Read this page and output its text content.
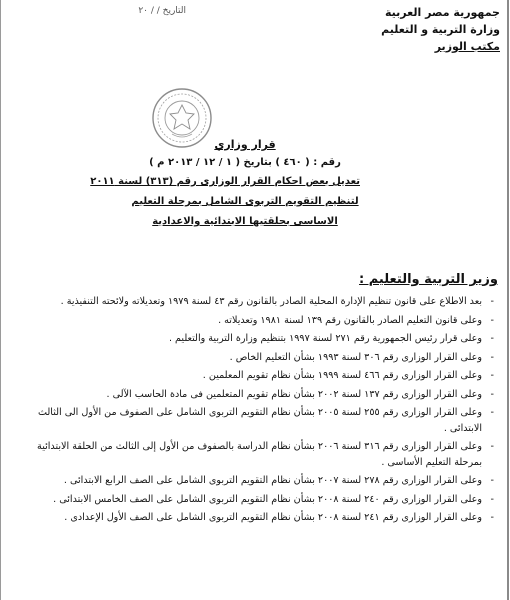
التاريخ / / ٢٠	جمهورية مصر العربية
وزارة التربية و التعليم
مكتب الوزير
قرار وزاري
رقم : ( ٤٦٠ ) بتاريخ ( ١ / ١٢ / ٢٠١٣ م )
تعديل بعض احكام القرار الوزارى رقم (٣١٣) لسنة ٢٠١١
لتنظيم التقويم التربوى الشامل بمرحلة التعليم
الاساسى بحلقتيها الابتدائية والاعدادية
وزير التربية والتعليم :
- بعد الاطلاع على قانون تنظيم الإدارة المحلية الصادر بالقانون رقم ٤٣ لسنة ١٩٧٩ وتعديلاته ولائحته التنفيذية .
- وعلى قانون التعليم الصادر بالقانون رقم ١٣٩ لسنة ١٩٨١ وتعديلاته .
- وعلى قرار رئيس الجمهورية رقم ٢٧١ لسنة ١٩٩٧ بتنظيم وزارة التربية والتعليم .
- وعلى القرار الوزارى رقم ٣٠٦ لسنة ١٩٩٣ بشأن التعليم الخاص .
- وعلى القرار الوزارى رقم ٤٦٦ لسنة ١٩٩٩ بشأن نظام تقويم المعلمين .
- وعلى القرار الوزارى رقم ١٣٧ لسنة ٢٠٠٢ بشأن نظام تقويم المتعلمين فى مادة الحاسب الآلى .
- وعلى القرار الوزارى رقم ٢٥٥ لسنة ٢٠٠٥ بشأن نظام التقويم التربوى الشامل على الصفوف من الأول الى الثالث الابتدائى .
- وعلى القرار الوزارى رقم ٣١٦ لسنة ٢٠٠٦ بشأن نظام الدراسة بالصفوف من الأول إلى الثالث من الحلقة الابتدائية بمرحلة التعليم الأساسى .
- وعلى القرار الوزارى رقم ٢٧٨ لسنة ٢٠٠٧ بشأن نظام التقويم التربوى الشامل على الصف الرابع الابتدائى .
- وعلى القرار الوزارى رقم ٢٤٠ لسنة ٢٠٠٨ بشأن نظام التقويم التربوى الشامل على الصف الخامس الابتدائى .
- وعلى القرار الوزارى رقم ٢٤١ لسنة ٢٠٠٨ بشأن نظام التقويم التربوى الشامل على الصف الأول الإعدادى .
